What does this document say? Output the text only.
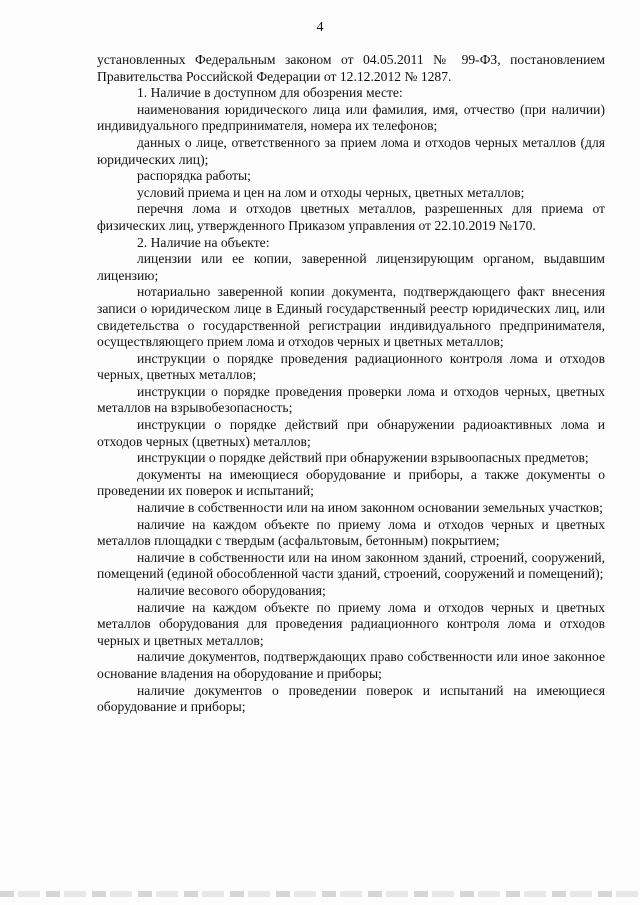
4

установленных Федеральным законом от 04.05.2011 № 99-ФЗ, постановлением Правительства Российской Федерации от 12.12.2012 № 1287.

1. Наличие в доступном для обозрения месте:

наименования юридического лица или фамилия, имя, отчество (при наличии) индивидуального предпринимателя, номера их телефонов;

данных о лице, ответственного за прием лома и отходов черных металлов (для юридических лиц);

распорядка работы;

условий приема и цен на лом и отходы черных, цветных металлов;

перечня лома и отходов цветных металлов, разрешенных для приема от физических лиц, утвержденного Приказом управления от 22.10.2019 №170.

2. Наличие на объекте:

лицензии или ее копии, заверенной лицензирующим органом, выдавшим лицензию;

нотариально заверенной копии документа, подтверждающего факт внесения записи о юридическом лице в Единый государственный реестр юридических лиц, или свидетельства о государственной регистрации индивидуального предпринимателя, осуществляющего прием лома и отходов черных и цветных металлов;

инструкции о порядке проведения радиационного контроля лома и отходов черных, цветных металлов;

инструкции о порядке проведения проверки лома и отходов черных, цветных металлов на взрывобезопасность;

инструкции о порядке действий при обнаружении радиоактивных лома и отходов черных (цветных) металлов;

инструкции о порядке действий при обнаружении взрывоопасных предметов;

документы на имеющиеся оборудование и приборы, а также документы о проведении их поверок и испытаний;

наличие в собственности или на ином законном основании земельных участков;

наличие на каждом объекте по приему лома и отходов черных и цветных металлов площадки с твердым (асфальтовым, бетонным) покрытием;

наличие в собственности или на ином законном зданий, строений, сооружений, помещений (единой обособленной части зданий, строений, сооружений и помещений);

наличие весового оборудования;

наличие на каждом объекте по приему лома и отходов черных и цветных металлов оборудования для проведения радиационного контроля лома и отходов черных и цветных металлов;

наличие документов, подтверждающих право собственности или иное законное основание владения на оборудование и приборы;

наличие документов о проведении поверок и испытаний на имеющиеся оборудование и приборы;
